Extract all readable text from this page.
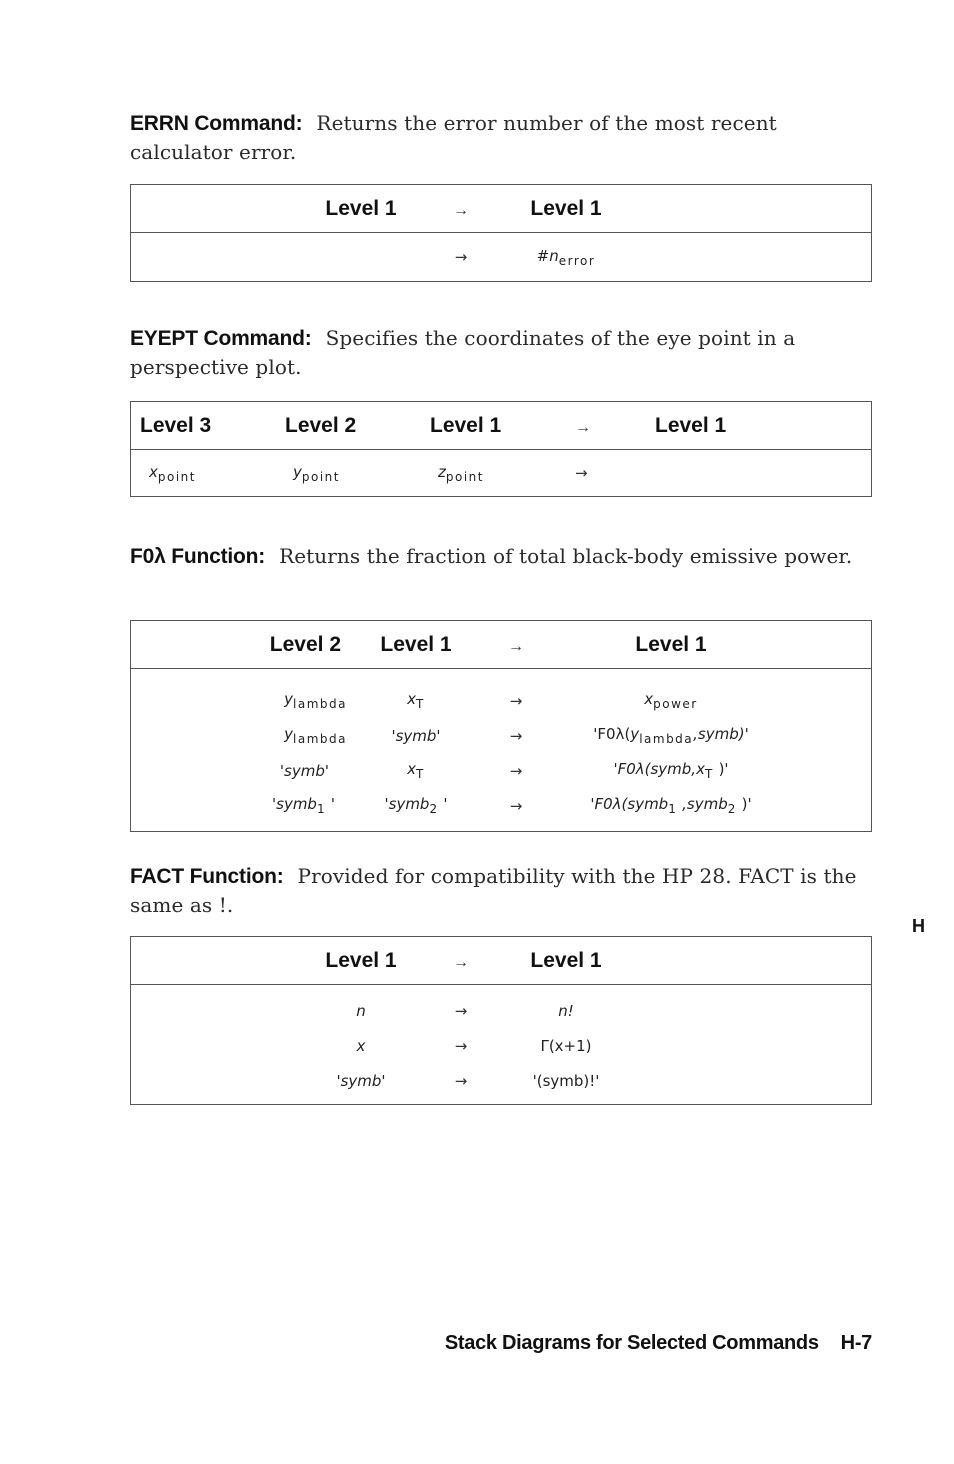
ERRN Command: Returns the error number of the most recent calculator error.
	Level 1	→	Level 1	
		→	$\#n_{error}$	
EYEPT Command: Specifies the coordinates of the eye point in a perspective plot.
Level 3	Level 2	Level 1	→	Level 1
$x_{point}$	$y_{point}$	$z_{point}$	→	
F0λ Function: Returns the fraction of total black-body emissive power.
Level 2	Level 1	→	Level 1	
$y_{lambda}$	$x_T$	→	$x_{power}$	
$y_{lambda}$	'symb'	→	'$F0\lambda(y_{lambda},symb)$'	
'symb'	$x_T$	→	'$F0\lambda(symb,x_T$ )'	
'symb$_1$ '	'symb$_2$ '	→	'F0λ(symb$_1$ ,symb$_2$ )'	
FACT Function: Provided for compatibility with the HP 28. FACT is the same as !.
	Level 1	→	Level 1	
	n	→	n!	
	x	→	Γ(x+1)	
	'symb'	→	'(symb)!'	
H
Stack Diagrams for Selected Commands H-7
